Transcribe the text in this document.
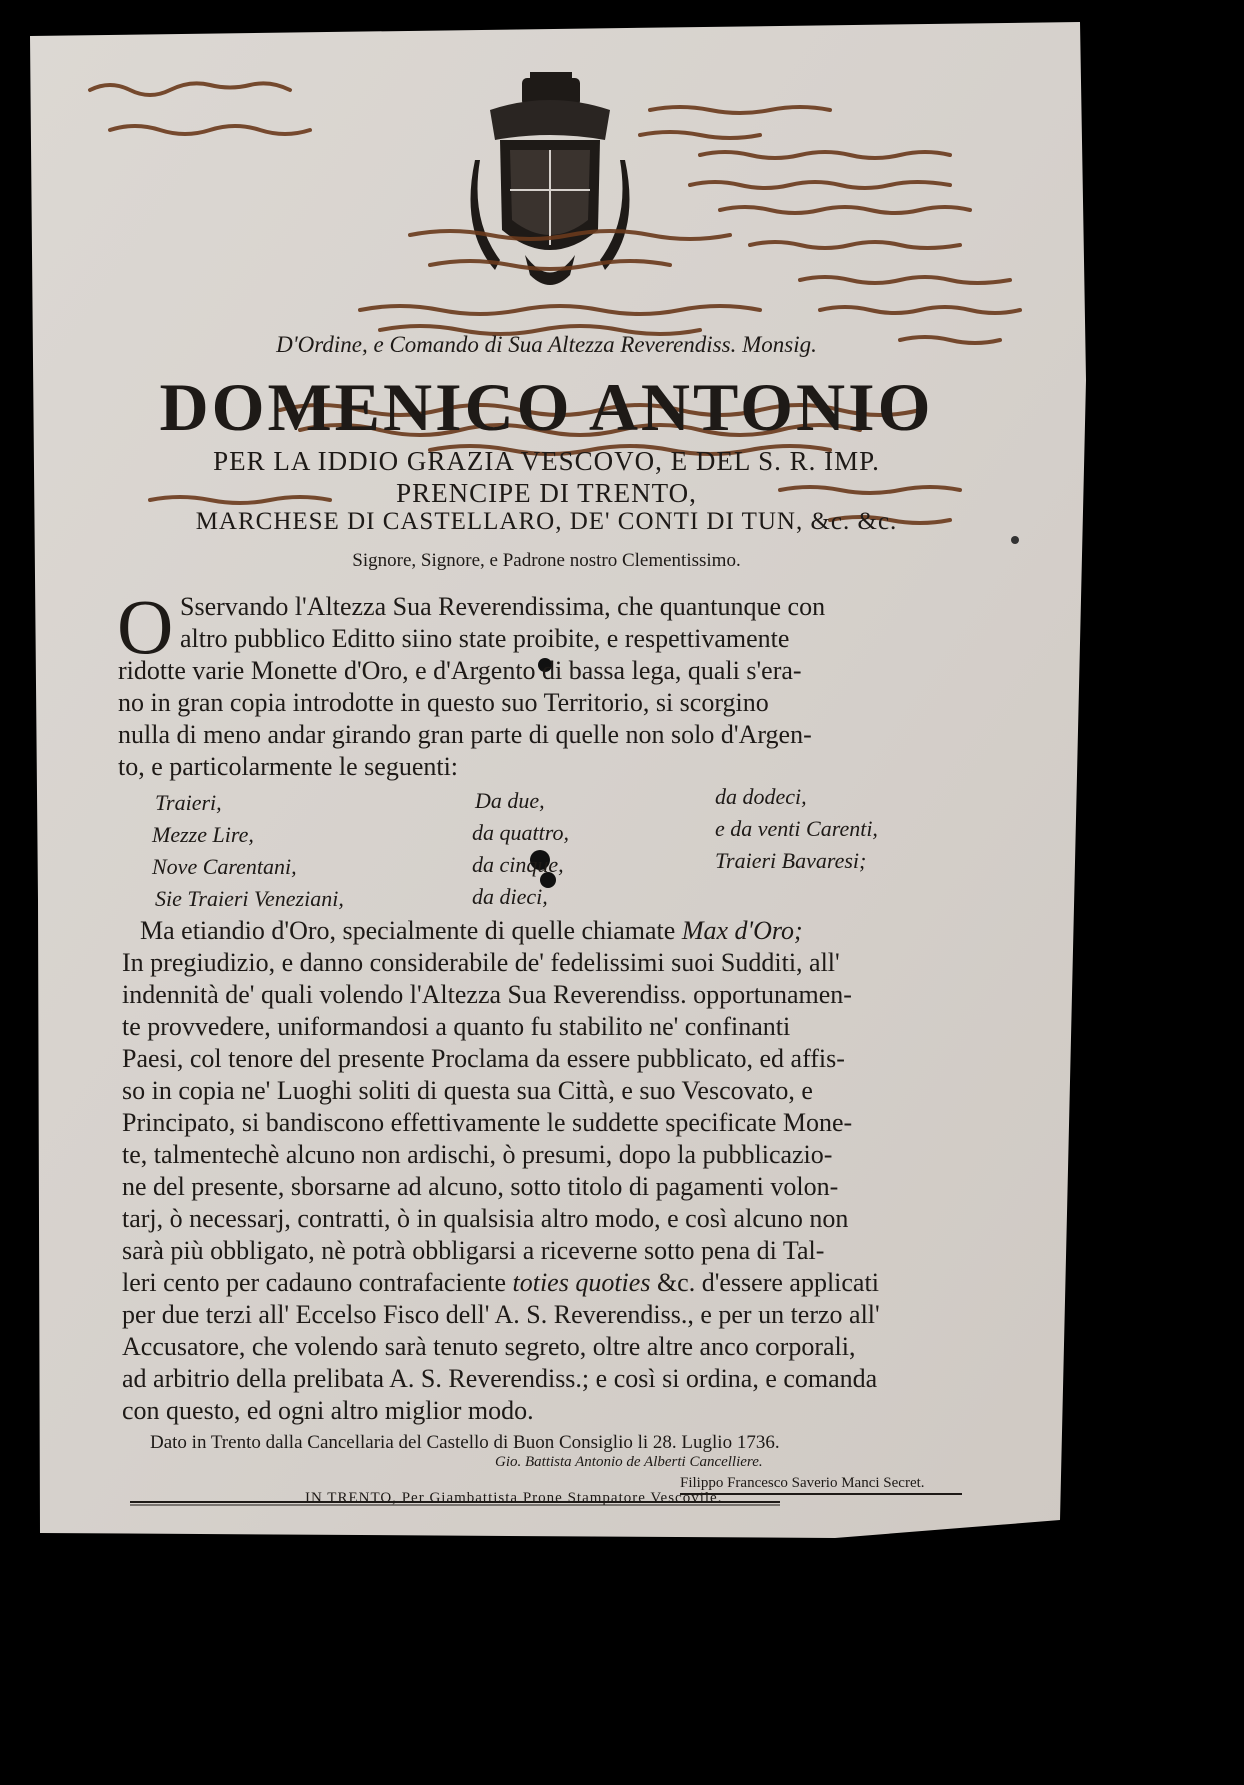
D'Ordine, e Comando di Sua Altezza Reverendiss. Monsig.
DOMENICO ANTONIO
PER LA IDDIO GRAZIA VESCOVO, E DEL S. R. IMP.
PRENCIPE DI TRENTO,
MARCHESE DI CASTELLARO, DE' CONTI DI TUN, &c. &c.
Signore, Signore, e Padrone nostro Clementissimo.
O Sservando l'Altezza Sua Reverendissima, che quantunque con
altro pubblico Editto siino state proibite, e respettivamente
ridotte varie Monette d'Oro, e d'Argento di bassa lega, quali s'era-
no in gran copia introdotte in questo suo Territorio, si scorgino
nulla di meno andar girando gran parte di quelle non solo d'Argen-
to, e particolarmente le seguenti:
Traieri,
Mezze Lire,
Nove Carentani,
Sie Traieri Veneziani,
Da due,
da quattro,
da cinque,
da dieci,
da dodeci,
e da venti Carenti,
Traieri Bavaresi;
Ma etiandio d'Oro, specialmente di quelle chiamate Max d'Oro;
In pregiudizio, e danno considerabile de' fedelissimi suoi Sudditi, all'
indennità de' quali volendo l'Altezza Sua Reverendiss. opportunamen-
te provvedere, uniformandosi a quanto fu stabilito ne' confinanti
Paesi, col tenore del presente Proclama da essere pubblicato, ed affis-
so in copia ne' Luoghi soliti di questa sua Città, e suo Vescovato, e
Principato, si bandiscono effettivamente le suddette specificate Mone-
te, talmentechè alcuno non ardischi, ò presumi, dopo la pubblicazio-
ne del presente, sborsarne ad alcuno, sotto titolo di pagamenti volon-
tarj, ò necessarj, contratti, ò in qualsisia altro modo, e così alcuno non
sarà più obbligato, nè potrà obbligarsi a riceverne sotto pena di Tal-
leri cento per cadauno contrafaciente toties quoties &c. d'essere applicati
per due terzi all' Eccelso Fisco dell' A. S. Reverendiss., e per un terzo all'
Accusatore, che volendo sarà tenuto segreto, oltre altre anco corporali,
ad arbitrio della prelibata A. S. Reverendiss.; e così si ordina, e comanda
con questo, ed ogni altro miglior modo.
Dato in Trento dalla Cancellaria del Castello di Buon Consiglio li 28. Luglio 1736.
Gio. Battista Antonio de Alberti Cancelliere.
Filippo Francesco Saverio Manci Secret.
IN TRENTO, Per Giambattista Prone Stampatore Vescovile.
